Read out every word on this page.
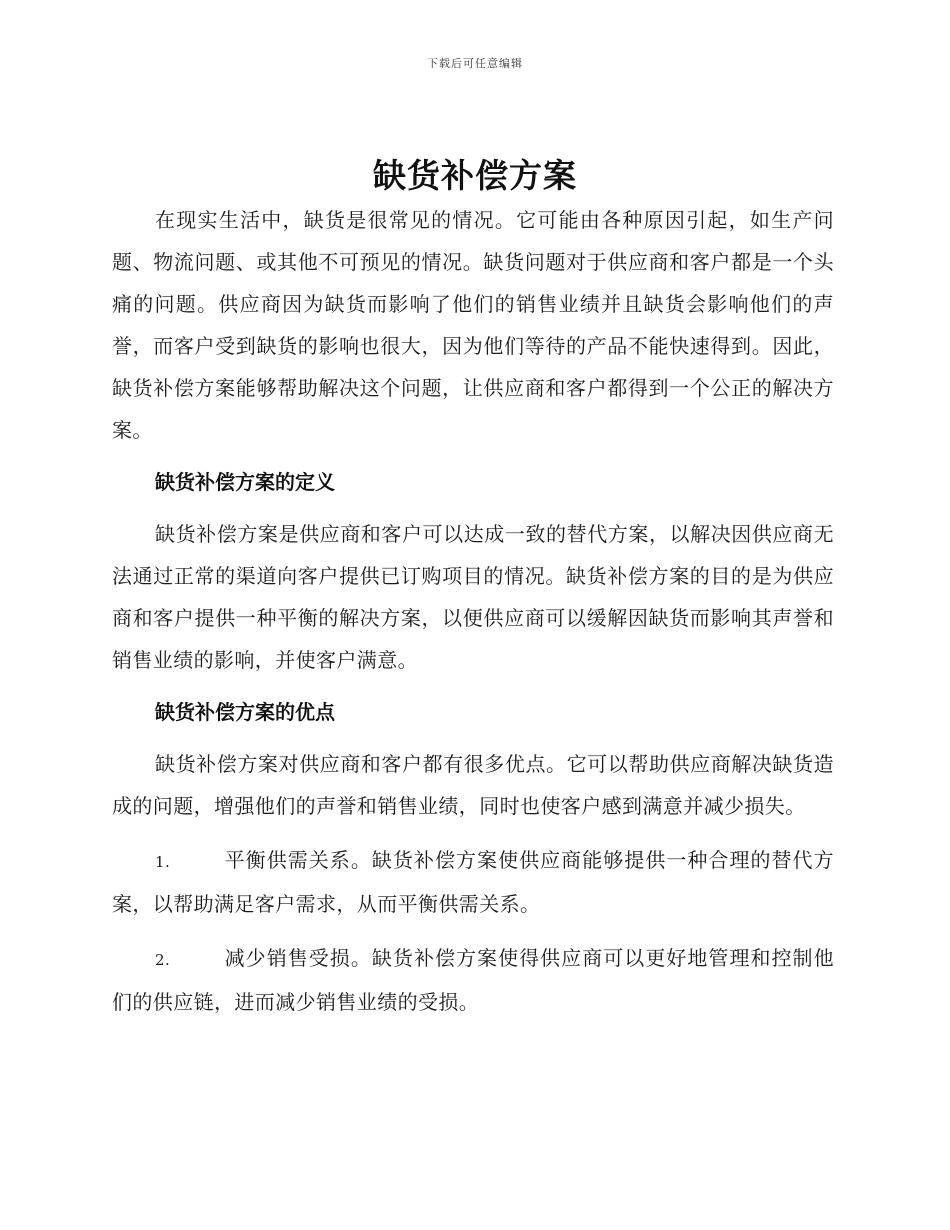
下载后可任意编辑
缺货补偿方案

在现实生活中，缺货是很常见的情况。它可能由各种原因引起，如生产问题、物流问题、或其他不可预见的情况。缺货问题对于供应商和客户都是一个头痛的问题。供应商因为缺货而影响了他们的销售业绩并且缺货会影响他们的声誉，而客户受到缺货的影响也很大，因为他们等待的产品不能快速得到。因此，缺货补偿方案能够帮助解决这个问题，让供应商和客户都得到一个公正的解决方案。

缺货补偿方案的定义

缺货补偿方案是供应商和客户可以达成一致的替代方案，以解决因供应商无法通过正常的渠道向客户提供已订购项目的情况。缺货补偿方案的目的是为供应商和客户提供一种平衡的解决方案，以便供应商可以缓解因缺货而影响其声誉和销售业绩的影响，并使客户满意。

缺货补偿方案的优点

缺货补偿方案对供应商和客户都有很多优点。它可以帮助供应商解决缺货造成的问题，增强他们的声誉和销售业绩，同时也使客户感到满意并减少损失。

1.	平衡供需关系。缺货补偿方案使供应商能够提供一种合理的替代方案，以帮助满足客户需求，从而平衡供需关系。

2.	减少销售受损。缺货补偿方案使得供应商可以更好地管理和控制他们的供应链，进而减少销售业绩的受损。
